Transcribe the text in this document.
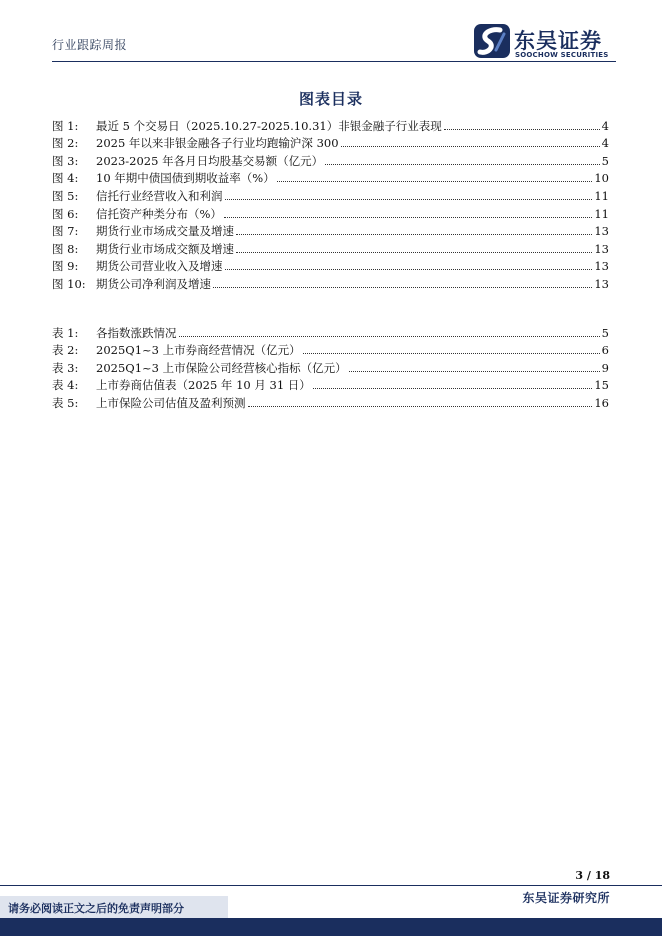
行业跟踪周报	东吴证券
SOOCHOW SECURITIES
图表目录
图 1:	最近 5 个交易日（2025.10.27-2025.10.31）非银金融子行业表现	4
图 2:	2025 年以来非银金融各子行业均跑输沪深 300	4
图 3:	2023-2025 年各月日均股基交易额（亿元）	5
图 4:	10 年期中债国债到期收益率（%）	10
图 5:	信托行业经营收入和利润	11
图 6:	信托资产种类分布（%）	11
图 7:	期货行业市场成交量及增速	13
图 8:	期货行业市场成交额及增速	13
图 9:	期货公司营业收入及增速	13
图 10: 期货公司净利润及增速	13
表 1:	各指数涨跌情况	5
表 2:	2025Q1~3 上市券商经营情况（亿元）	6
表 3:	2025Q1~3 上市保险公司经营核心指标（亿元）	9
表 4:	上市券商估值表（2025 年 10 月 31 日）	15
表 5:	上市保险公司估值及盈利预测	16
3 / 18
请务必阅读正文之后的免责声明部分
东吴证券研究所
